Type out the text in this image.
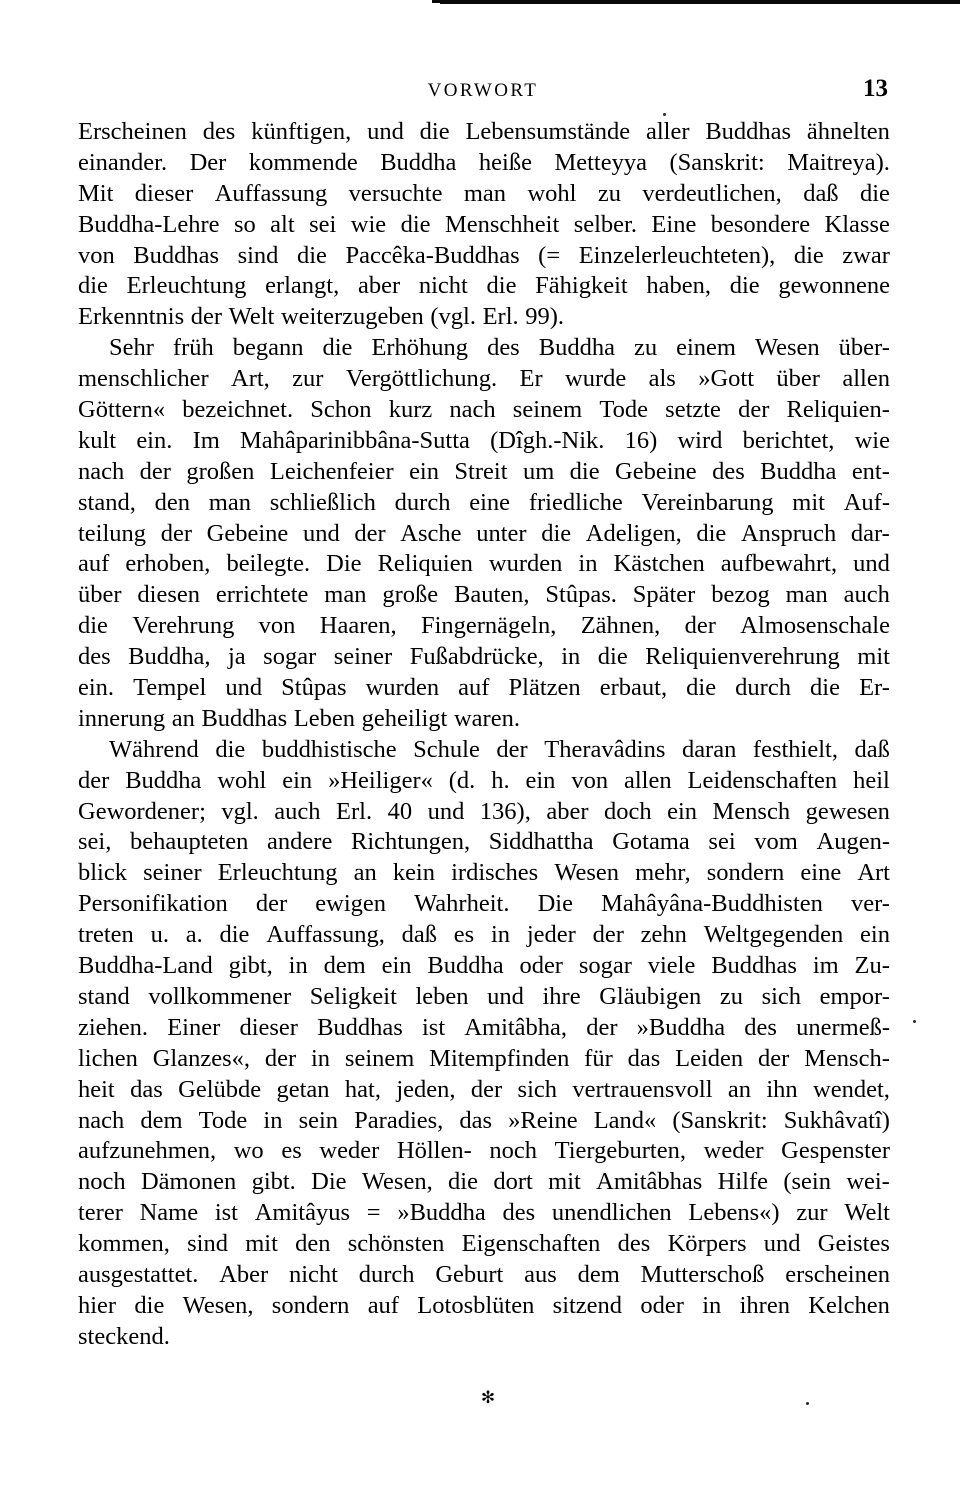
VORWORT	13
Erscheinen des künftigen, und die Lebensumstände aller Buddhas ähnelten
einander. Der kommende Buddha heiße Metteyya (Sanskrit: Maitreya).
Mit dieser Auffassung versuchte man wohl zu verdeutlichen, daß die
Buddha-Lehre so alt sei wie die Menschheit selber. Eine besondere Klasse
von Buddhas sind die Paccêka-Buddhas (= Einzelerleuchteten), die zwar
die Erleuchtung erlangt, aber nicht die Fähigkeit haben, die gewonnene
Erkenntnis der Welt weiterzugeben (vgl. Erl. 99).
Sehr früh begann die Erhöhung des Buddha zu einem Wesen über-
menschlicher Art, zur Vergöttlichung. Er wurde als »Gott über allen
Göttern« bezeichnet. Schon kurz nach seinem Tode setzte der Reliquien-
kult ein. Im Mahâparinibbâna-Sutta (Dîgh.-Nik. 16) wird berichtet, wie
nach der großen Leichenfeier ein Streit um die Gebeine des Buddha ent-
stand, den man schließlich durch eine friedliche Vereinbarung mit Auf-
teilung der Gebeine und der Asche unter die Adeligen, die Anspruch dar-
auf erhoben, beilegte. Die Reliquien wurden in Kästchen aufbewahrt, und
über diesen errichtete man große Bauten, Stûpas. Später bezog man auch
die Verehrung von Haaren, Fingernägeln, Zähnen, der Almosenschale
des Buddha, ja sogar seiner Fußabdrücke, in die Reliquienverehrung mit
ein. Tempel und Stûpas wurden auf Plätzen erbaut, die durch die Er-
innerung an Buddhas Leben geheiligt waren.
Während die buddhistische Schule der Theravâdins daran festhielt, daß
der Buddha wohl ein »Heiliger« (d. h. ein von allen Leidenschaften heil
Gewordener; vgl. auch Erl. 40 und 136), aber doch ein Mensch gewesen
sei, behaupteten andere Richtungen, Siddhattha Gotama sei vom Augen-
blick seiner Erleuchtung an kein irdisches Wesen mehr, sondern eine Art
Personifikation der ewigen Wahrheit. Die Mahâyâna-Buddhisten ver-
treten u. a. die Auffassung, daß es in jeder der zehn Weltgegenden ein
Buddha-Land gibt, in dem ein Buddha oder sogar viele Buddhas im Zu-
stand vollkommener Seligkeit leben und ihre Gläubigen zu sich empor-
ziehen. Einer dieser Buddhas ist Amitâbha, der »Buddha des unermeß-
lichen Glanzes«, der in seinem Mitempfinden für das Leiden der Mensch-
heit das Gelübde getan hat, jeden, der sich vertrauensvoll an ihn wendet,
nach dem Tode in sein Paradies, das »Reine Land« (Sanskrit: Sukhâvatî)
aufzunehmen, wo es weder Höllen- noch Tiergeburten, weder Gespenster
noch Dämonen gibt. Die Wesen, die dort mit Amitâbhas Hilfe (sein wei-
terer Name ist Amitâyus = »Buddha des unendlichen Lebens«) zur Welt
kommen, sind mit den schönsten Eigenschaften des Körpers und Geistes
ausgestattet. Aber nicht durch Geburt aus dem Mutterschoß erscheinen
hier die Wesen, sondern auf Lotosblüten sitzend oder in ihren Kelchen
steckend.
✻
